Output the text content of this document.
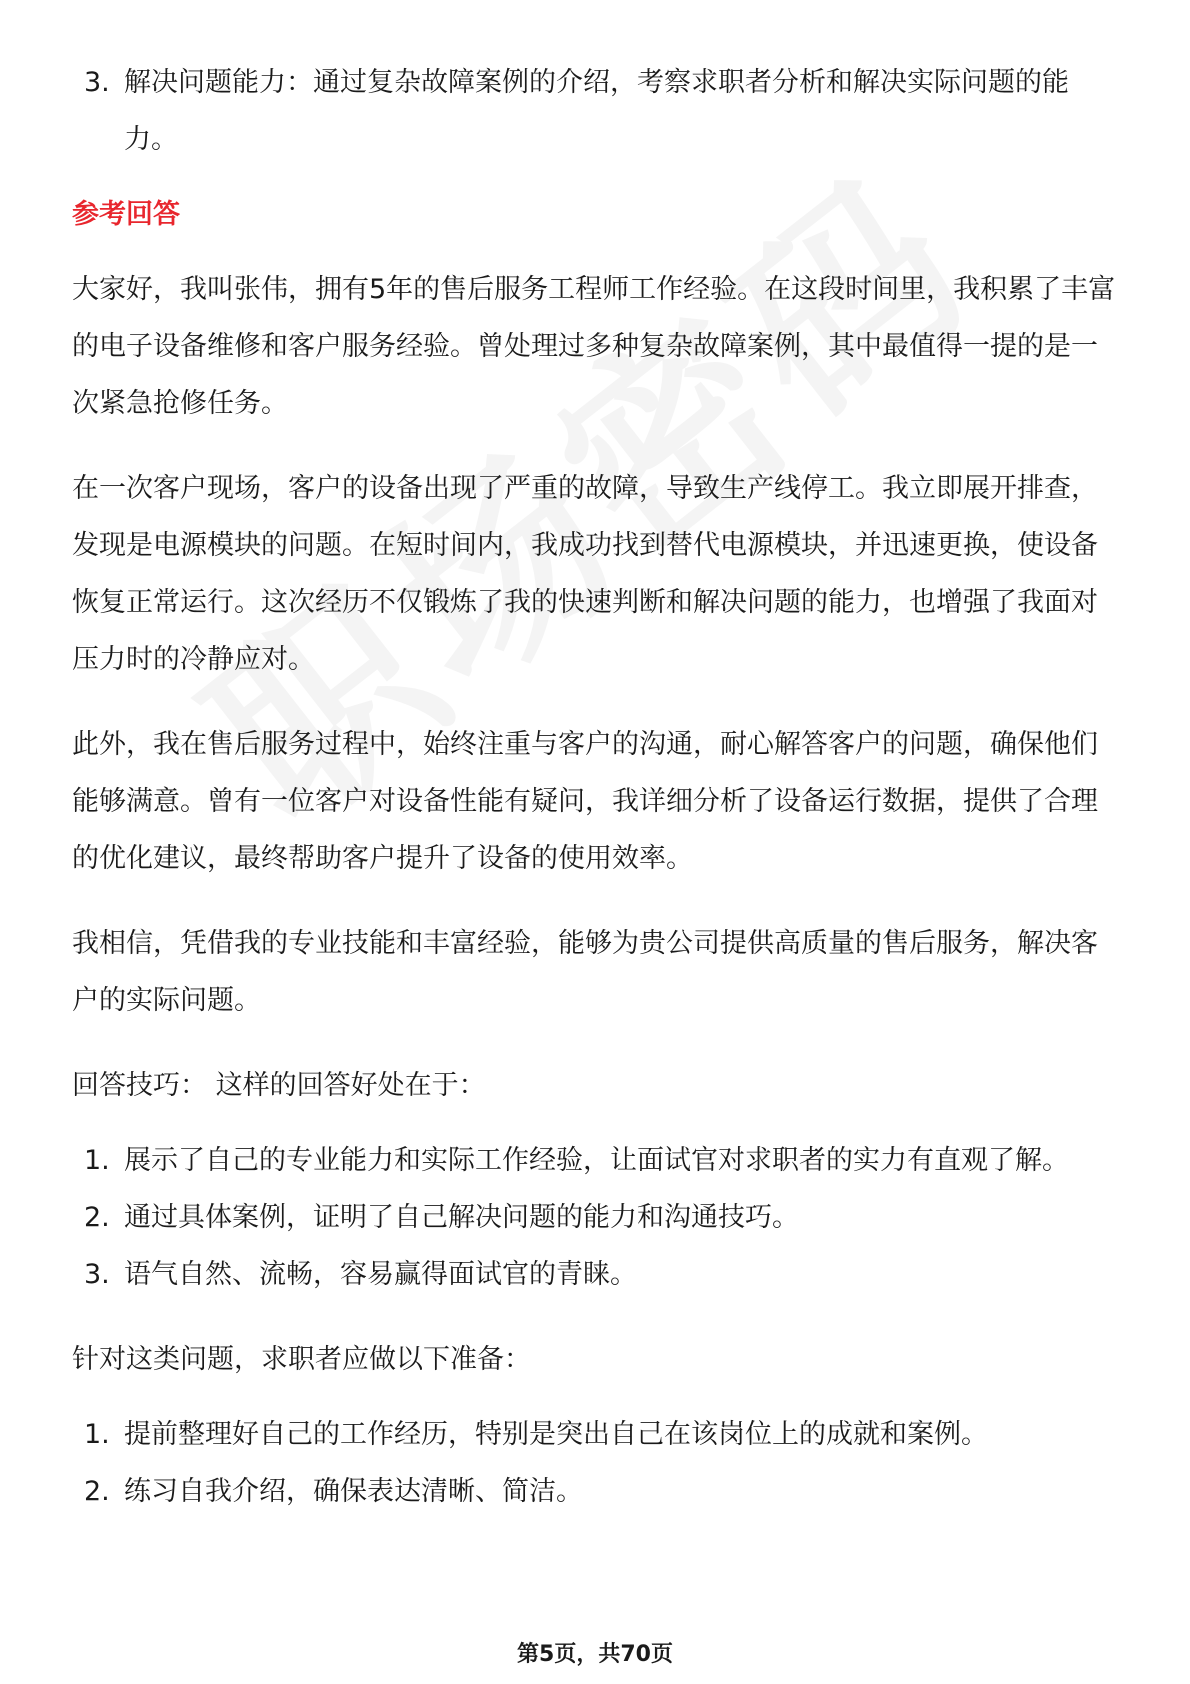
3. 解决问题能力：通过复杂故障案例的介绍，考察求职者分析和解决实际问题的能力。

参考回答

大家好，我叫张伟，拥有5年的售后服务工程师工作经验。在这段时间里，我积累了丰富的电子设备维修和客户服务经验。曾处理过多种复杂故障案例，其中最值得一提的是一次紧急抢修任务。

在一次客户现场，客户的设备出现了严重的故障，导致生产线停工。我立即展开排查，发现是电源模块的问题。在短时间内，我成功找到替代电源模块，并迅速更换，使设备恢复正常运行。这次经历不仅锻炼了我的快速判断和解决问题的能力，也增强了我面对压力时的冷静应对。

此外，我在售后服务过程中，始终注重与客户的沟通，耐心解答客户的问题，确保他们能够满意。曾有一位客户对设备性能有疑问，我详细分析了设备运行数据，提供了合理的优化建议，最终帮助客户提升了设备的使用效率。

我相信，凭借我的专业技能和丰富经验，能够为贵公司提供高质量的售后服务，解决客户的实际问题。

回答技巧： 这样的回答好处在于：

1. 展示了自己的专业能力和实际工作经验，让面试官对求职者的实力有直观了解。
2. 通过具体案例，证明了自己解决问题的能力和沟通技巧。
3. 语气自然、流畅，容易赢得面试官的青睐。

针对这类问题，求职者应做以下准备：

1. 提前整理好自己的工作经历，特别是突出自己在该岗位上的成就和案例。
2. 练习自我介绍，确保表达清晰、简洁。
第5页，共70页
